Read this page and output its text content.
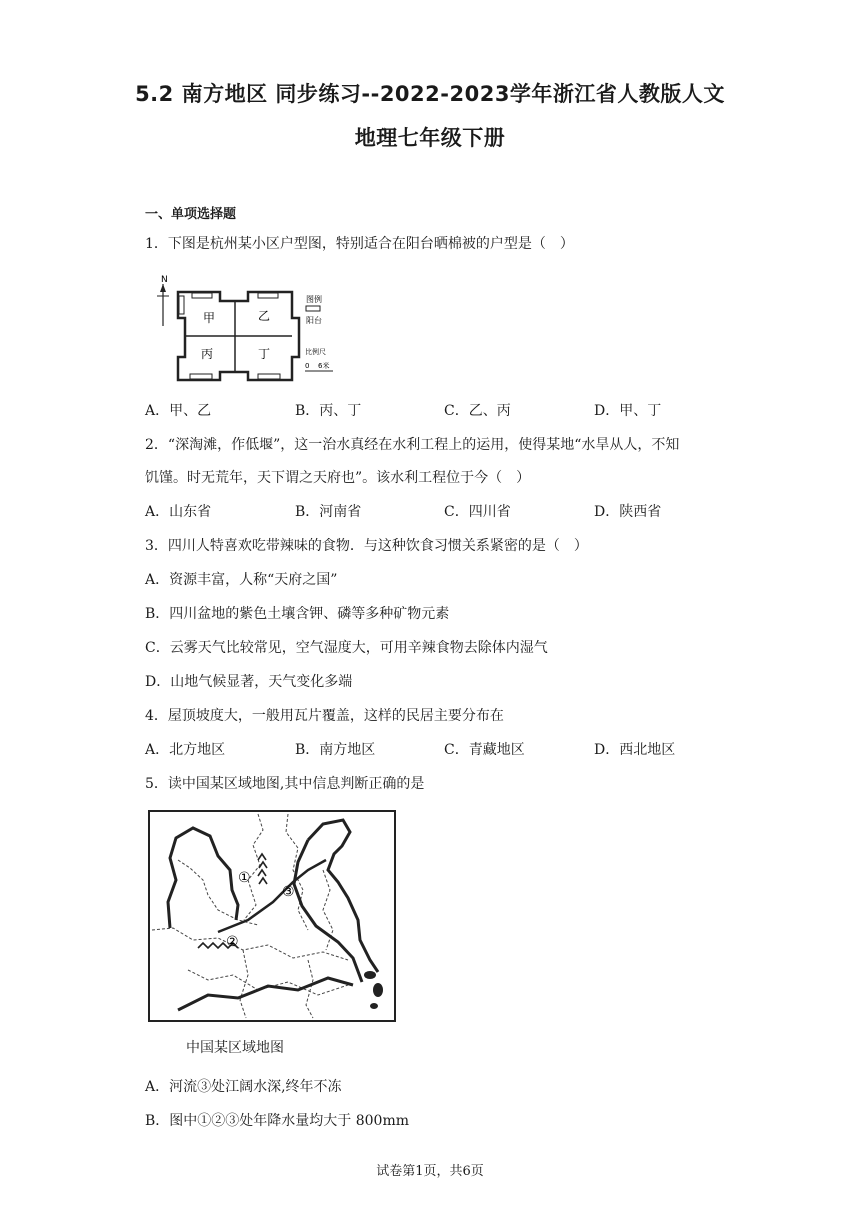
5.2 南方地区 同步练习--2022-2023学年浙江省人教版人文
地理七年级下册
一、单项选择题
1．下图是杭州某小区户型图，特别适合在阳台晒棉被的户型是（　）
N
甲	乙
丙	丁
图例
阳台
比例尺
0 6米
A．甲、乙	B．丙、丁	C．乙、丙	D．甲、丁
2．“深淘滩，作低堰”，这一治水真经在水利工程上的运用，使得某地“水旱从人，不知
饥馑。时无荒年，天下谓之天府也”。该水利工程位于今（　）
A．山东省	B．河南省	C．四川省	D．陕西省
3．四川人特喜欢吃带辣味的食物．与这种饮食习惯关系紧密的是（　）
A．资源丰富，人称“天府之国”
B．四川盆地的紫色土壤含钾、磷等多种矿物元素
C．云雾天气比较常见，空气湿度大，可用辛辣食物去除体内湿气
D．山地气候显著，天气变化多端
4．屋顶坡度大，一般用瓦片覆盖，这样的民居主要分布在
A．北方地区	B．南方地区	C．青藏地区	D．西北地区
5．读中国某区域地图,其中信息判断正确的是
①
②
③
中国某区域地图
A．河流③处江阔水深,终年不冻
B．图中①②③处年降水量均大于 800mm
试卷第1页，共6页
